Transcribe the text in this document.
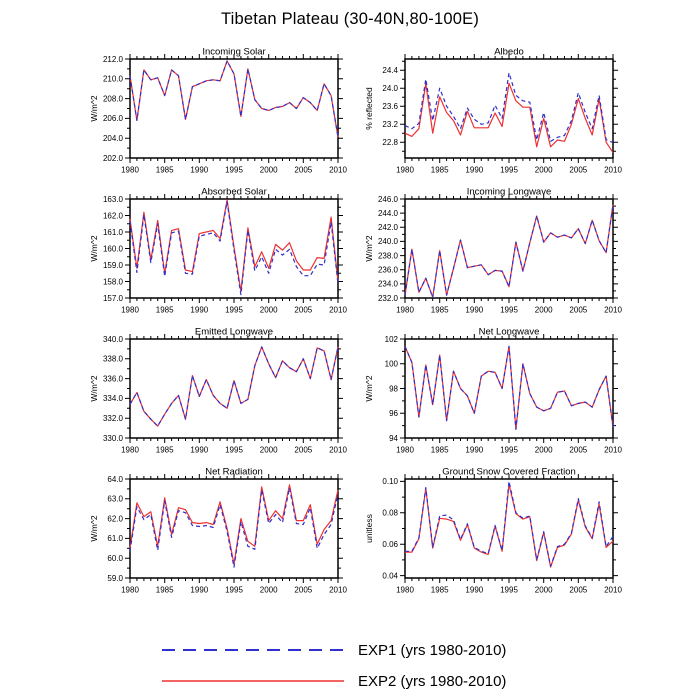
Tibetan Plateau (30-40N,80-100E)
1980 1985 1990 1995 2000 2005 2010
202.0
204.0
206.0
208.0
210.0
212.0
Incoming Solar
W/m^2
1980 1985 1990 1995 2000 2005 2010
22.8
23.2
23.6
24.0
24.4
Albedo
% reflected
1980 1985 1990 1995 2000 2005 2010
157.0
158.0
159.0
160.0
161.0
162.0
163.0
Absorbed Solar
W/m^2
1980 1985 1990 1995 2000 2005 2010
232.0
234.0
236.0
238.0
240.0
242.0
244.0
246.0
Incoming Longwave
W/m^2
1980 1985 1990 1995 2000 2005 2010
330.0
332.0
334.0
336.0
338.0
340.0
Emitted Longwave
W/m^2
1980 1985 1990 1995 2000 2005 2010
94
96
98
100
102
Net Longwave
W/m^2
1980 1985 1990 1995 2000 2005 2010
59.0
60.0
61.0
62.0
63.0
64.0
Net Radiation
W/m^2
1980 1985 1990 1995 2000 2005 2010
0.04
0.06
0.08
0.10
Ground Snow Covered Fraction
unitless
EXP1 (yrs 1980-2010)
EXP2 (yrs 1980-2010)
